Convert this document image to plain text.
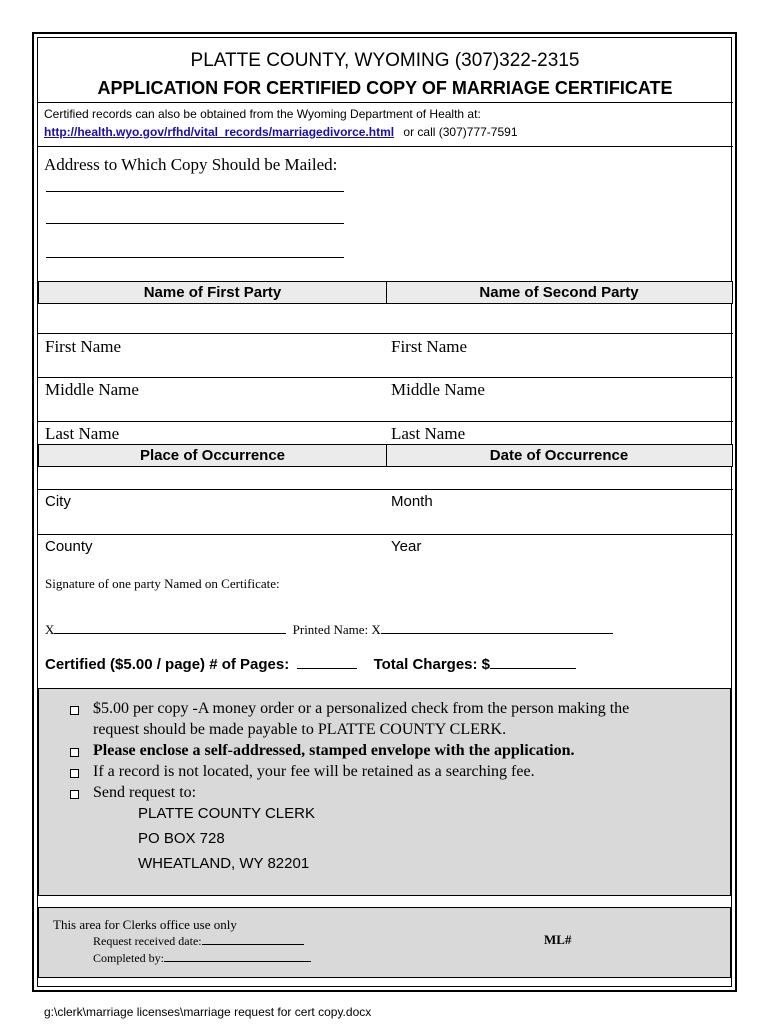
PLATTE COUNTY, WYOMING (307)322-2315
APPLICATION FOR CERTIFIED COPY OF MARRIAGE CERTIFICATE
Certified records can also be obtained from the Wyoming Department of Health at:
http://health.wyo.gov/rfhd/vital_records/marriagedivorce.html or call (307)777-7591
Address to Which Copy Should be Mailed:
Name of First Party	Name of Second Party
First Name	First Name
Middle Name	Middle Name
Last Name	Last Name
Place of Occurrence	Date of Occurrence
City	Month
County	Year
Signature of one party Named on Certificate:
X	Printed Name: X
Certified ($5.00 / page) # of Pages:	Total Charges: $
$5.00 per copy -A money order or a personalized check from the person making the
request should be made payable to PLATTE COUNTY CLERK.
Please enclose a self-addressed, stamped envelope with the application.
If a record is not located, your fee will be retained as a searching fee.
Send request to:
PLATTE COUNTY CLERK
PO BOX 728
WHEATLAND, WY 82201
This area for Clerks office use only
Request received date:
Completed by:
ML#
g:\clerk\marriage licenses\marriage request for cert copy.docx
